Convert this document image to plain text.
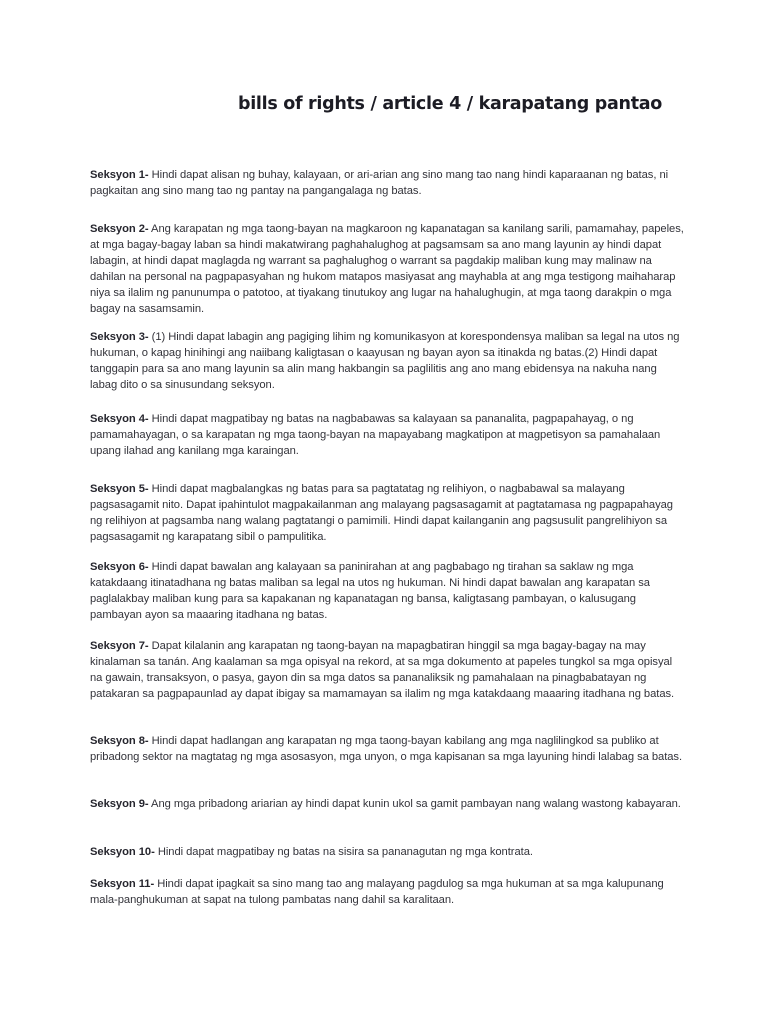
bills of rights / article 4 / karapatang pantao
Seksyon 1- Hindi dapat alisan ng buhay, kalayaan, or ari-arian ang sino mang tao nang hindi kaparaanan ng batas, ni pagkaitan ang sino mang tao ng pantay na pangangalaga ng batas.
Seksyon 2- Ang karapatan ng mga taong-bayan na magkaroon ng kapanatagan sa kanilang sarili, pamamahay, papeles, at mga bagay-bagay laban sa hindi makatwirang paghahalughog at pagsamsam sa ano mang layunin ay hindi dapat labagin, at hindi dapat maglagda ng warrant sa paghalughog o warrant sa pagdakip maliban kung may malinaw na dahilan na personal na pagpapasyahan ng hukom matapos masiyasat ang mayhabla at ang mga testigong maihaharap niya sa ilalim ng panunumpa o patotoo, at tiyakang tinutukoy ang lugar na hahalughugin, at mga taong darakpin o mga bagay na sasamsamin.
Seksyon 3- (1) Hindi dapat labagin ang pagiging lihim ng komunikasyon at korespondensya maliban sa legal na utos ng hukuman, o kapag hinihingi ang naiibang kaligtasan o kaayusan ng bayan ayon sa itinakda ng batas.(2) Hindi dapat tanggapin para sa ano mang layunin sa alin mang hakbangin sa paglilitis ang ano mang ebidensya na nakuha nang labag dito o sa sinusundang seksyon.
Seksyon 4- Hindi dapat magpatibay ng batas na nagbabawas sa kalayaan sa pananalita, pagpapahayag, o ng pamamahayagan, o sa karapatan ng mga taong-bayan na mapayabang magkatipon at magpetisyon sa pamahalaan upang ilahad ang kanilang mga karaingan.
Seksyon 5- Hindi dapat magbalangkas ng batas para sa pagtatatag ng relihiyon, o nagbabawal sa malayang pagsasagamit nito. Dapat ipahintulot magpakailanman ang malayang pagsasagamit at pagtatamasa ng pagpapahayag ng relihiyon at pagsamba nang walang pagtatangi o pamimili. Hindi dapat kailanganin ang pagsusulit pangrelihiyon sa pagsasagamit ng karapatang sibil o pampulitika.
Seksyon 6- Hindi dapat bawalan ang kalayaan sa paninirahan at ang pagbabago ng tirahan sa saklaw ng mga katakdaang itinatadhana ng batas maliban sa legal na utos ng hukuman. Ni hindi dapat bawalan ang karapatan sa paglalakbay maliban kung para sa kapakanan ng kapanatagan ng bansa, kaligtasang pambayan, o kalusugang pambayan ayon sa maaaring itadhana ng batas.
Seksyon 7- Dapat kilalanin ang karapatan ng taong-bayan na mapagbatiran hinggil sa mga bagay-bagay na may kinalaman sa tanán. Ang kaalaman sa mga opisyal na rekord, at sa mga dokumento at papeles tungkol sa mga opisyal na gawain, transaksyon, o pasya, gayon din sa mga datos sa pananaliksik ng pamahalaan na pinagbabatayan ng patakaran sa pagpapaunlad ay dapat ibigay sa mamamayan sa ilalim ng mga katakdaang maaaring itadhana ng batas.
Seksyon 8- Hindi dapat hadlangan ang karapatan ng mga taong-bayan kabilang ang mga naglilingkod sa publiko at pribadong sektor na magtatag ng mga asosasyon, mga unyon, o mga kapisanan sa mga layuning hindi lalabag sa batas.
Seksyon 9- Ang mga pribadong ariarian ay hindi dapat kunin ukol sa gamit pambayan nang walang wastong kabayaran.
Seksyon 10- Hindi dapat magpatibay ng batas na sisira sa pananagutan ng mga kontrata.
Seksyon 11- Hindi dapat ipagkait sa sino mang tao ang malayang pagdulog sa mga hukuman at sa mga kalupunang mala-panghukuman at sapat na tulong pambatas nang dahil sa karalitaan.
